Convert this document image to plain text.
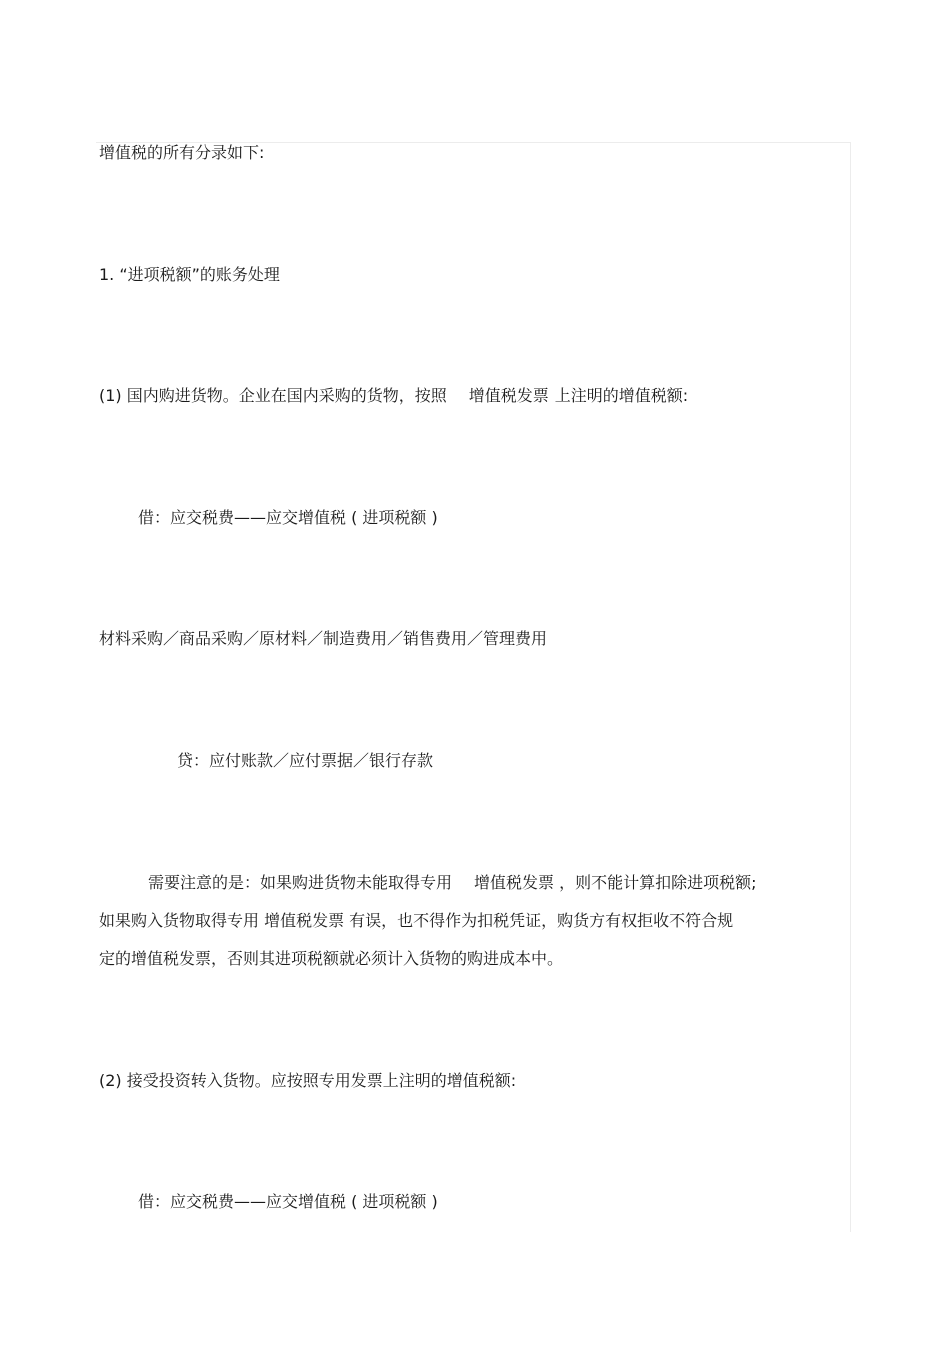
增值税的所有分录如下:
1. “进项税额”的账务处理
(1) 国内购进货物。企业在国内采购的货物，按照 增值税发票 上注明的增值税额:
借：应交税费——应交增值税 ( 进项税额 )
材料采购／商品采购／原材料／制造费用／销售费用／管理费用
贷：应付账款／应付票据／银行存款
需要注意的是：如果购进货物未能取得专用 增值税发票 ，则不能计算扣除进项税额;
如果购入货物取得专用 增值税发票 有误，也不得作为扣税凭证，购货方有权拒收不符合规
定的增值税发票，否则其进项税额就必须计入货物的购进成本中。
(2) 接受投资转入货物。应按照专用发票上注明的增值税额:
借：应交税费——应交增值税 ( 进项税额 )
